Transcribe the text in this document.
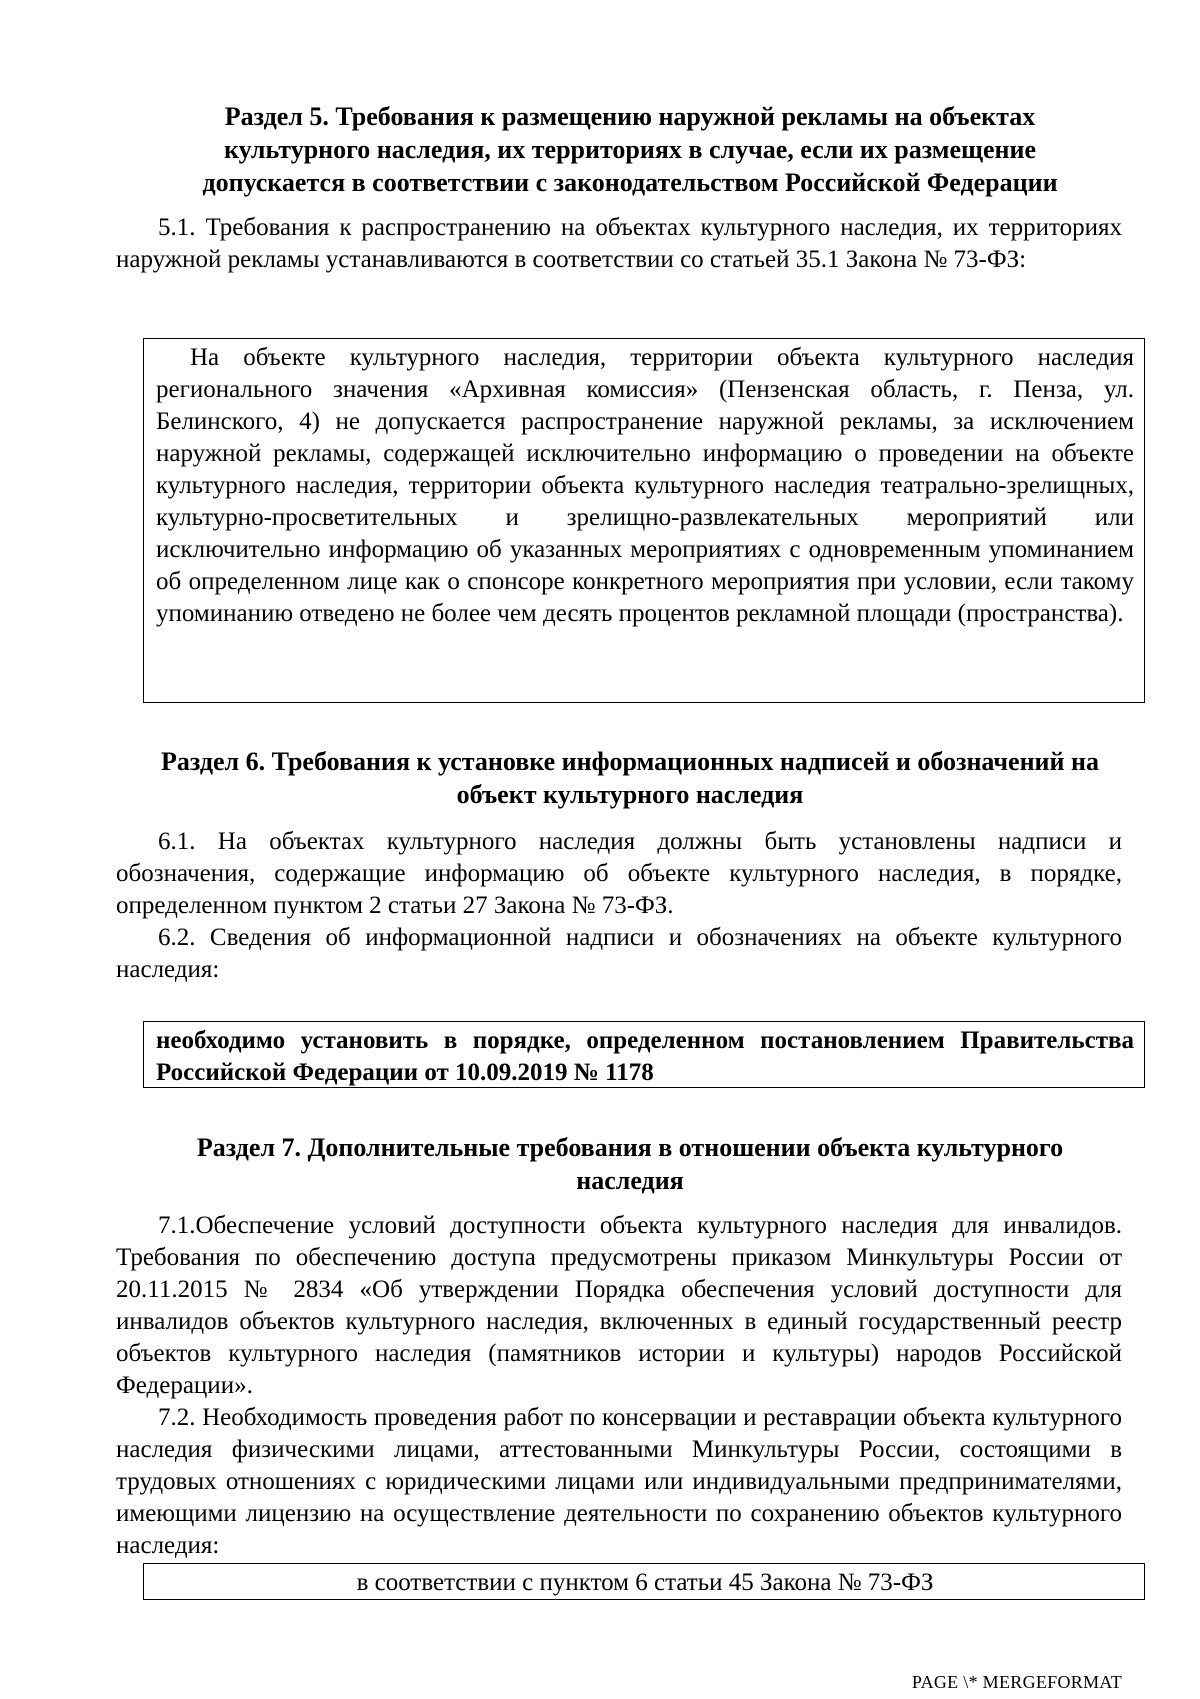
Раздел 5. Требования к размещению наружной рекламы на объектах культурного наследия, их территориях в случае, если их размещение допускается в соответствии с законодательством Российской Федерации

5.1. Требования к распространению на объектах культурного наследия, их территориях наружной рекламы устанавливаются в соответствии со статьей 35.1 Закона № 73-ФЗ:

На объекте культурного наследия, территории объекта культурного наследия регионального значения «Архивная комиссия» (Пензенская область, г. Пенза, ул. Белинского, 4) не допускается распространение наружной рекламы, за исключением наружной рекламы, содержащей исключительно информацию о проведении на объекте культурного наследия, территории объекта культурного наследия театрально-зрелищных, культурно-просветительных и зрелищно-развлекательных мероприятий или исключительно информацию об указанных мероприятиях с одновременным упоминанием об определенном лице как о спонсоре конкретного мероприятия при условии, если такому упоминанию отведено не более чем десять процентов рекламной площади (пространства).

Раздел 6. Требования к установке информационных надписей и обозначений на объект культурного наследия

6.1. На объектах культурного наследия должны быть установлены надписи и обозначения, содержащие информацию об объекте культурного наследия, в порядке, определенном пунктом 2 статьи 27 Закона № 73-ФЗ.

6.2. Сведения об информационной надписи и обозначениях на объекте культурного наследия:

необходимо установить в порядке, определенном постановлением Правительства Российской Федерации от 10.09.2019 № 1178

Раздел 7. Дополнительные требования в отношении объекта культурного наследия

7.1.Обеспечение условий доступности объекта культурного наследия для инвалидов. Требования по обеспечению доступа предусмотрены приказом Минкультуры России от 20.11.2015 № 2834 «Об утверждении Порядка обеспечения условий доступности для инвалидов объектов культурного наследия, включенных в единый государственный реестр объектов культурного наследия (памятников истории и культуры) народов Российской Федерации».

7.2. Необходимость проведения работ по консервации и реставрации объекта культурного наследия физическими лицами, аттестованными Минкультуры России, состоящими в трудовых отношениях с юридическими лицами или индивидуальными предпринимателями, имеющими лицензию на осуществление деятельности по сохранению объектов культурного наследия:

в соответствии с пунктом 6 статьи 45 Закона № 73-ФЗ

PAGE \* MERGEFORMAT
